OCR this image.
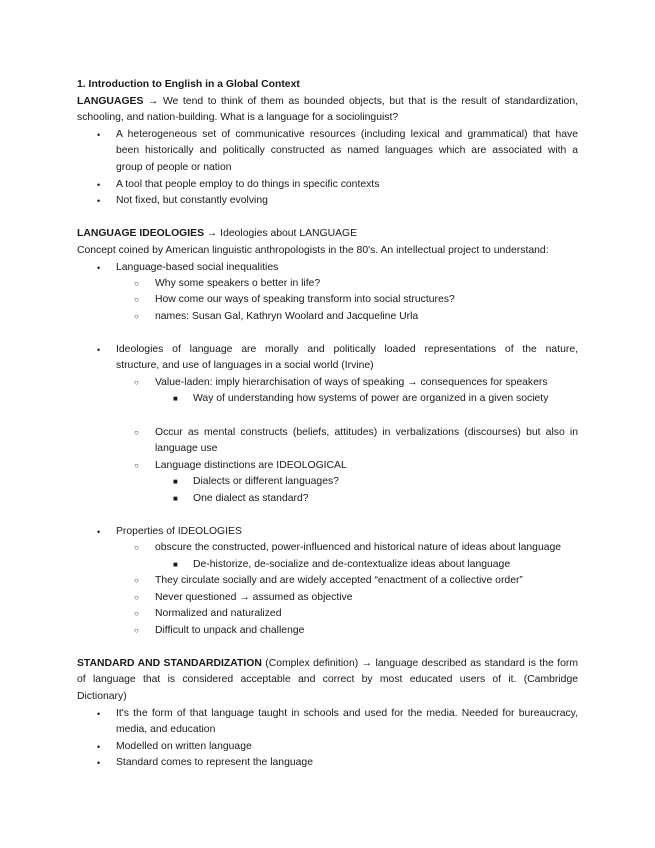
1. Introduction to English in a Global Context
LANGUAGES → We tend to think of them as bounded objects, but that is the result of standardization,
schooling, and nation-building. What is a language for a sociolinguist?
• A heterogeneous set of communicative resources (including lexical and grammatical) that have
been historically and politically constructed as named languages which are associated with a
group of people or nation
• A tool that people employ to do things in specific contexts
• Not fixed, but constantly evolving
LANGUAGE IDEOLOGIES → Ideologies about LANGUAGE
Concept coined by American linguistic anthropologists in the 80's. An intellectual project to understand:
• Language-based social inequalities
○ Why some speakers o better in life?
○ How come our ways of speaking transform into social structures?
○ names: Susan Gal, Kathryn Woolard and Jacqueline Urla
• Ideologies of language are morally and politically loaded representations of the nature,
structure, and use of languages in a social world (Irvine)
○ Value-laden: imply hierarchisation of ways of speaking → consequences for speakers
■ Way of understanding how systems of power are organized in a given society
○ Occur as mental constructs (beliefs, attitudes) in verbalizations (discourses) but also in
language use
○ Language distinctions are IDEOLOGICAL
■ Dialects or different languages?
■ One dialect as standard?
• Properties of IDEOLOGIES
○ obscure the constructed, power-influenced and historical nature of ideas about language
■ De-historize, de-socialize and de-contextualize ideas about language
○ They circulate socially and are widely accepted “enactment of a collective order”
○ Never questioned → assumed as objective
○ Normalized and naturalized
○ Difficult to unpack and challenge
STANDARD AND STANDARDIZATION (Complex definition) → language described as standard is the form
of language that is considered acceptable and correct by most educated users of it. (Cambridge
Dictionary)
• It's the form of that language taught in schools and used for the media. Needed for bureaucracy,
media, and education
• Modelled on written language
• Standard comes to represent the language
